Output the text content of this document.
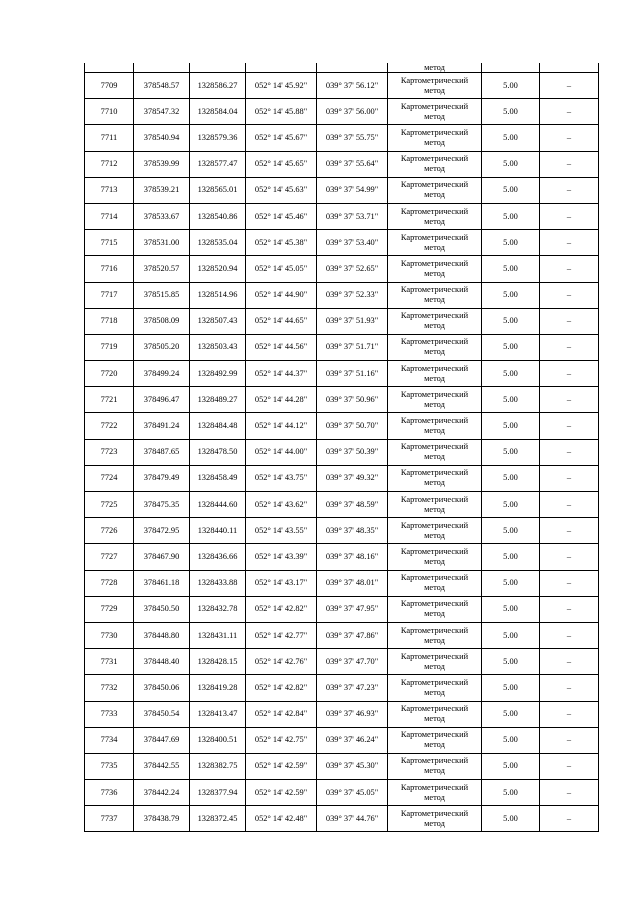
					метод		
7709	378548.57	1328586.27	052° 14' 45.92"	039° 37' 56.12"	Картометрический
метод	5.00	–
7710	378547.32	1328584.04	052° 14' 45.88"	039° 37' 56.00"	Картометрический
метод	5.00	–
7711	378540.94	1328579.36	052° 14' 45.67"	039° 37' 55.75"	Картометрический
метод	5.00	–
7712	378539.99	1328577.47	052° 14' 45.65"	039° 37' 55.64"	Картометрический
метод	5.00	–
7713	378539.21	1328565.01	052° 14' 45.63"	039° 37' 54.99"	Картометрический
метод	5.00	–
7714	378533.67	1328540.86	052° 14' 45.46"	039° 37' 53.71"	Картометрический
метод	5.00	–
7715	378531.00	1328535.04	052° 14' 45.38"	039° 37' 53.40"	Картометрический
метод	5.00	–
7716	378520.57	1328520.94	052° 14' 45.05"	039° 37' 52.65"	Картометрический
метод	5.00	–
7717	378515.85	1328514.96	052° 14' 44.90"	039° 37' 52.33"	Картометрический
метод	5.00	–
7718	378508.09	1328507.43	052° 14' 44.65"	039° 37' 51.93"	Картометрический
метод	5.00	–
7719	378505.20	1328503.43	052° 14' 44.56"	039° 37' 51.71"	Картометрический
метод	5.00	–
7720	378499.24	1328492.99	052° 14' 44.37"	039° 37' 51.16"	Картометрический
метод	5.00	–
7721	378496.47	1328489.27	052° 14' 44.28"	039° 37' 50.96"	Картометрический
метод	5.00	–
7722	378491.24	1328484.48	052° 14' 44.12"	039° 37' 50.70"	Картометрический
метод	5.00	–
7723	378487.65	1328478.50	052° 14' 44.00"	039° 37' 50.39"	Картометрический
метод	5.00	–
7724	378479.49	1328458.49	052° 14' 43.75"	039° 37' 49.32"	Картометрический
метод	5.00	–
7725	378475.35	1328444.60	052° 14' 43.62"	039° 37' 48.59"	Картометрический
метод	5.00	–
7726	378472.95	1328440.11	052° 14' 43.55"	039° 37' 48.35"	Картометрический
метод	5.00	–
7727	378467.90	1328436.66	052° 14' 43.39"	039° 37' 48.16"	Картометрический
метод	5.00	–
7728	378461.18	1328433.88	052° 14' 43.17"	039° 37' 48.01"	Картометрический
метод	5.00	–
7729	378450.50	1328432.78	052° 14' 42.82"	039° 37' 47.95"	Картометрический
метод	5.00	–
7730	378448.80	1328431.11	052° 14' 42.77"	039° 37' 47.86"	Картометрический
метод	5.00	–
7731	378448.40	1328428.15	052° 14' 42.76"	039° 37' 47.70"	Картометрический
метод	5.00	–
7732	378450.06	1328419.28	052° 14' 42.82"	039° 37' 47.23"	Картометрический
метод	5.00	–
7733	378450.54	1328413.47	052° 14' 42.84"	039° 37' 46.93"	Картометрический
метод	5.00	–
7734	378447.69	1328400.51	052° 14' 42.75"	039° 37' 46.24"	Картометрический
метод	5.00	–
7735	378442.55	1328382.75	052° 14' 42.59"	039° 37' 45.30"	Картометрический
метод	5.00	–
7736	378442.24	1328377.94	052° 14' 42.59"	039° 37' 45.05"	Картометрический
метод	5.00	–
7737	378438.79	1328372.45	052° 14' 42.48"	039° 37' 44.76"	Картометрический
метод	5.00	–
